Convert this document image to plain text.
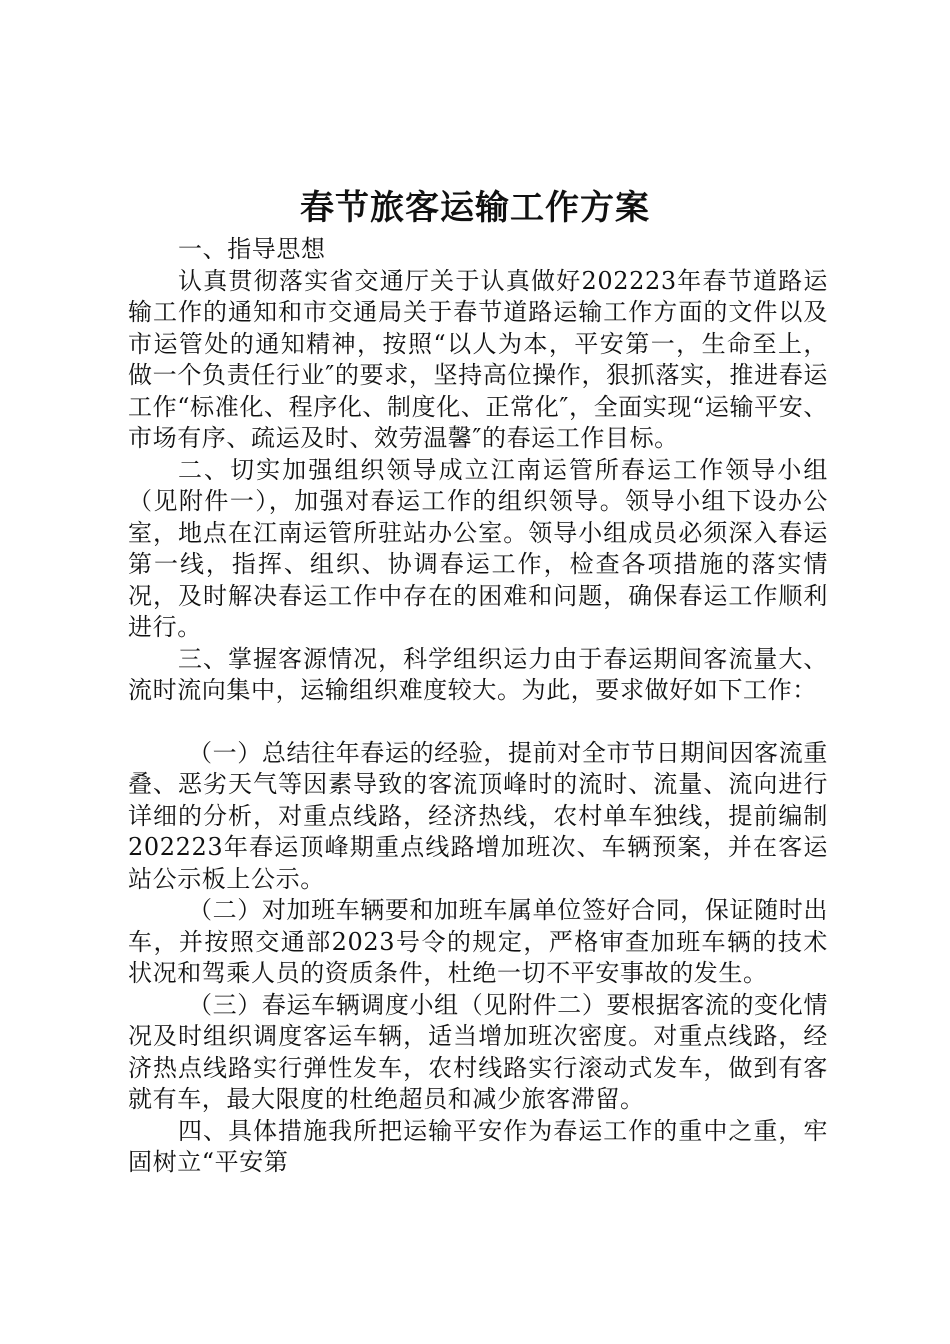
春节旅客运输工作方案

一、指导思想

认真贯彻落实省交通厅关于认真做好202223年春节道路运输工作的通知和市交通局关于春节道路运输工作方面的文件以及市运管处的通知精神，按照“以人为本，平安第一，生命至上，做一个负责任行业″的要求，坚持高位操作，狠抓落实，推进春运工作“标准化、程序化、制度化、正常化″，全面实现“运输平安、市场有序、疏运及时、效劳温馨″的春运工作目标。

二、切实加强组织领导成立江南运管所春运工作领导小组（见附件一），加强对春运工作的组织领导。领导小组下设办公室，地点在江南运管所驻站办公室。领导小组成员必须深入春运第一线，指挥、组织、协调春运工作，检查各项措施的落实情况，及时解决春运工作中存在的困难和问题，确保春运工作顺利进行。

三、掌握客源情况，科学组织运力由于春运期间客流量大、流时流向集中，运输组织难度较大。为此，要求做好如下工作：

（一）总结往年春运的经验，提前对全市节日期间因客流重叠、恶劣天气等因素导致的客流顶峰时的流时、流量、流向进行详细的分析，对重点线路，经济热线，农村单车独线，提前编制202223年春运顶峰期重点线路增加班次、车辆预案，并在客运站公示板上公示。

（二）对加班车辆要和加班车属单位签好合同，保证随时出车，并按照交通部2023号令的规定，严格审查加班车辆的技术状况和驾乘人员的资质条件，杜绝一切不平安事故的发生。

（三）春运车辆调度小组（见附件二）要根据客流的变化情况及时组织调度客运车辆，适当增加班次密度。对重点线路，经济热点线路实行弹性发车，农村线路实行滚动式发车，做到有客就有车，最大限度的杜绝超员和减少旅客滞留。

四、具体措施我所把运输平安作为春运工作的重中之重，牢固树立“平安第
